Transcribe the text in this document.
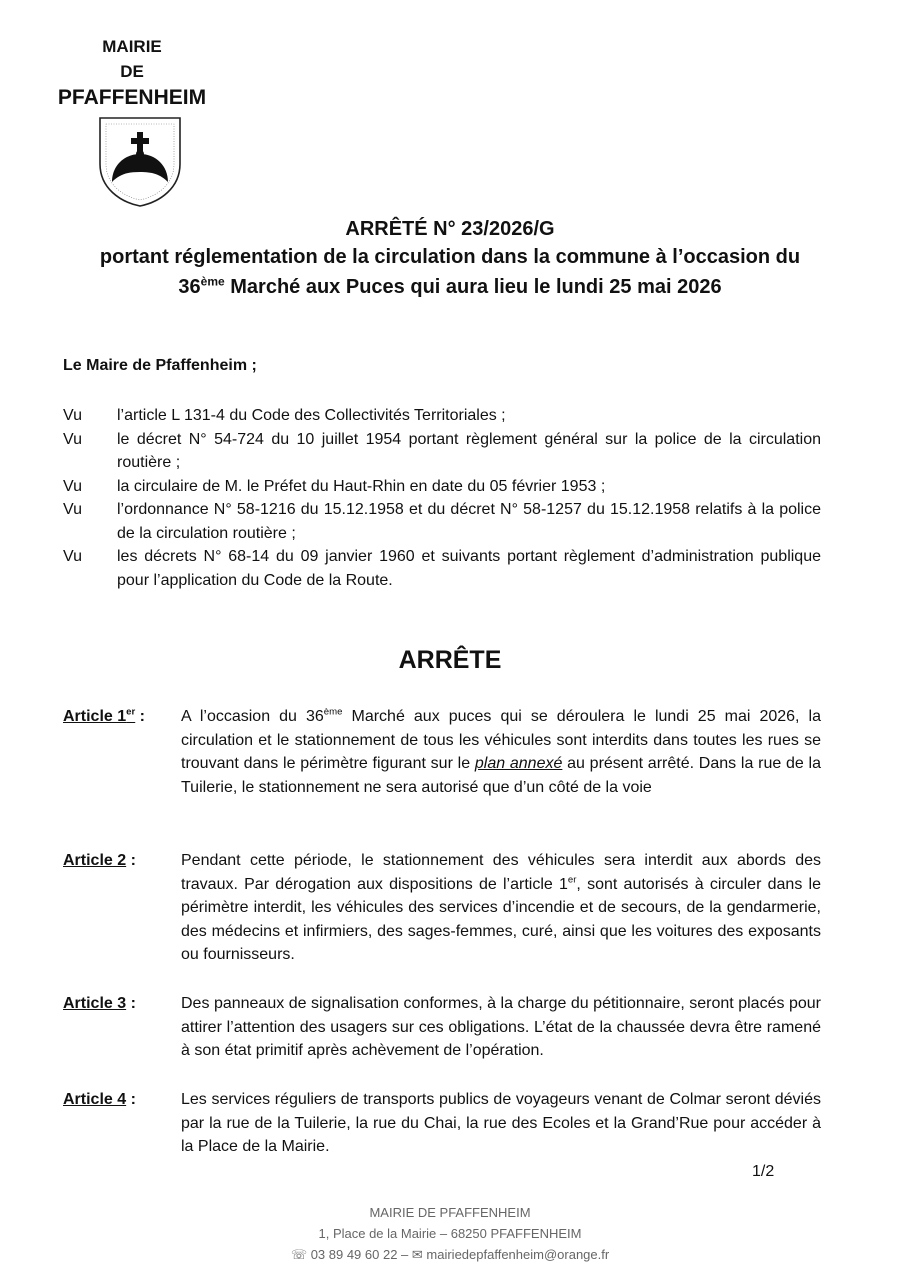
MAIRIE
DE
PFAFFENHEIM
ARRÊTÉ N° 23/2026/G
portant réglementation de la circulation dans la commune à l’occasion du
36ème Marché aux Puces qui aura lieu le lundi 25 mai 2026
Le Maire de Pfaffenheim ;
Vu	l’article L 131-4 du Code des Collectivités Territoriales ;
Vu	le décret N° 54-724 du 10 juillet 1954 portant règlement général sur la police de la circulation routière ;
Vu	la circulaire de M. le Préfet du Haut-Rhin en date du 05 février 1953 ;
Vu	l’ordonnance N° 58-1216 du 15.12.1958 et du décret N° 58-1257 du 15.12.1958 relatifs à la police de la circulation routière ;
Vu	les décrets N° 68-14 du 09 janvier 1960 et suivants portant règlement d’administration publique pour l’application du Code de la Route.
ARRÊTE
Article 1er :	A l’occasion du 36ème Marché aux puces qui se déroulera le lundi 25 mai 2026, la circulation et le stationnement de tous les véhicules sont interdits dans toutes les rues se trouvant dans le périmètre figurant sur le plan annexé au présent arrêté. Dans la rue de la Tuilerie, le stationnement ne sera autorisé que d’un côté de la voie
Article 2 :	Pendant cette période, le stationnement des véhicules sera interdit aux abords des travaux. Par dérogation aux dispositions de l’article 1er, sont autorisés à circuler dans le périmètre interdit, les véhicules des services d’incendie et de secours, de la gendarmerie, des médecins et infirmiers, des sages-femmes, curé, ainsi que les voitures des exposants ou fournisseurs.
Article 3 :	Des panneaux de signalisation conformes, à la charge du pétitionnaire, seront placés pour attirer l’attention des usagers sur ces obligations. L’état de la chaussée devra être ramené à son état primitif après achèvement de l’opération.
Article 4 :	Les services réguliers de transports publics de voyageurs venant de Colmar seront déviés par la rue de la Tuilerie, la rue du Chai, la rue des Ecoles et la Grand’Rue pour accéder à la Place de la Mairie.
1/2
MAIRIE DE PFAFFENHEIM
1, Place de la Mairie – 68250 PFAFFENHEIM
☏ 03 89 49 60 22 – ✉ mairiedepfaffenheim@orange.fr
